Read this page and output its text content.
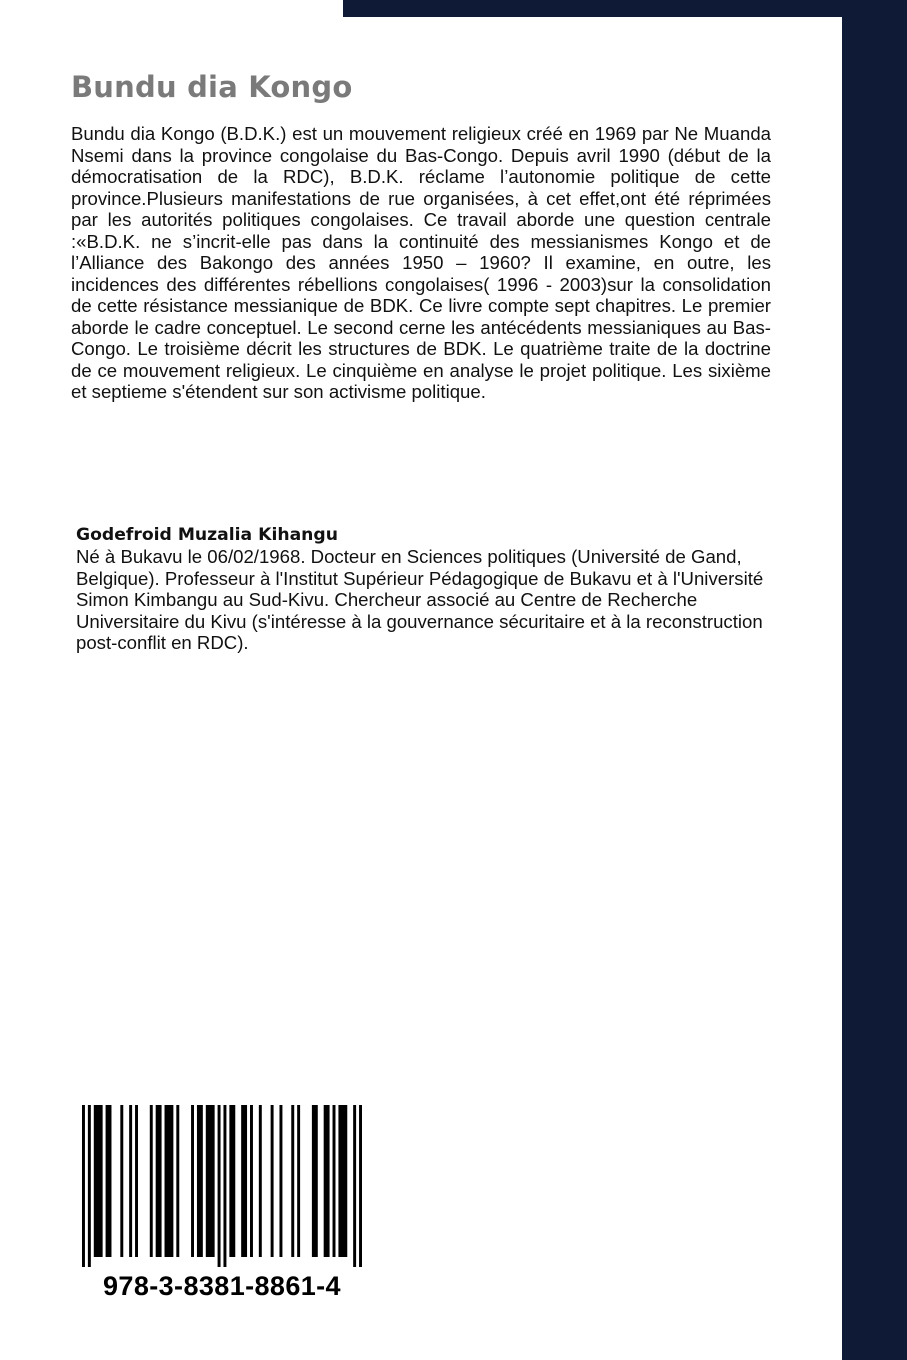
Bundu dia Kongo

Bundu dia Kongo (B.D.K.) est un mouvement religieux créé en 1969 par Ne Muanda Nsemi dans la province congolaise du Bas-Congo. Depuis avril 1990 (début de la démocratisation de la RDC), B.D.K. réclame l’autonomie politique de cette province.Plusieurs manifestations de rue organisées, à cet effet,ont été réprimées par les autorités politiques congolaises. Ce travail aborde une question centrale :«B.D.K. ne s’incrit-elle pas dans la continuité des messianismes Kongo et de l’Alliance des Bakongo des années 1950 – 1960? Il examine, en outre, les incidences des différentes rébellions congolaises( 1996 - 2003)sur la consolidation de cette résistance messianique de BDK. Ce livre compte sept chapitres. Le premier aborde le cadre conceptuel. Le second cerne les antécédents messianiques au Bas-Congo. Le troisième décrit les structures de BDK. Le quatrième traite de la doctrine de ce mouvement religieux. Le cinquième en analyse le projet politique. Les sixième et septieme s'étendent sur son activisme politique.

Godefroid Muzalia Kihangu

Né à Bukavu le 06/02/1968. Docteur en Sciences politiques (Université de Gand, Belgique). Professeur à l'Institut Supérieur Pédagogique de Bukavu et à l'Université Simon Kimbangu au Sud-Kivu. Chercheur associé au Centre de Recherche Universitaire du Kivu (s'intéresse à la gouvernance sécuritaire et à la reconstruction post-conflit en RDC).

978-3-8381-8861-4
